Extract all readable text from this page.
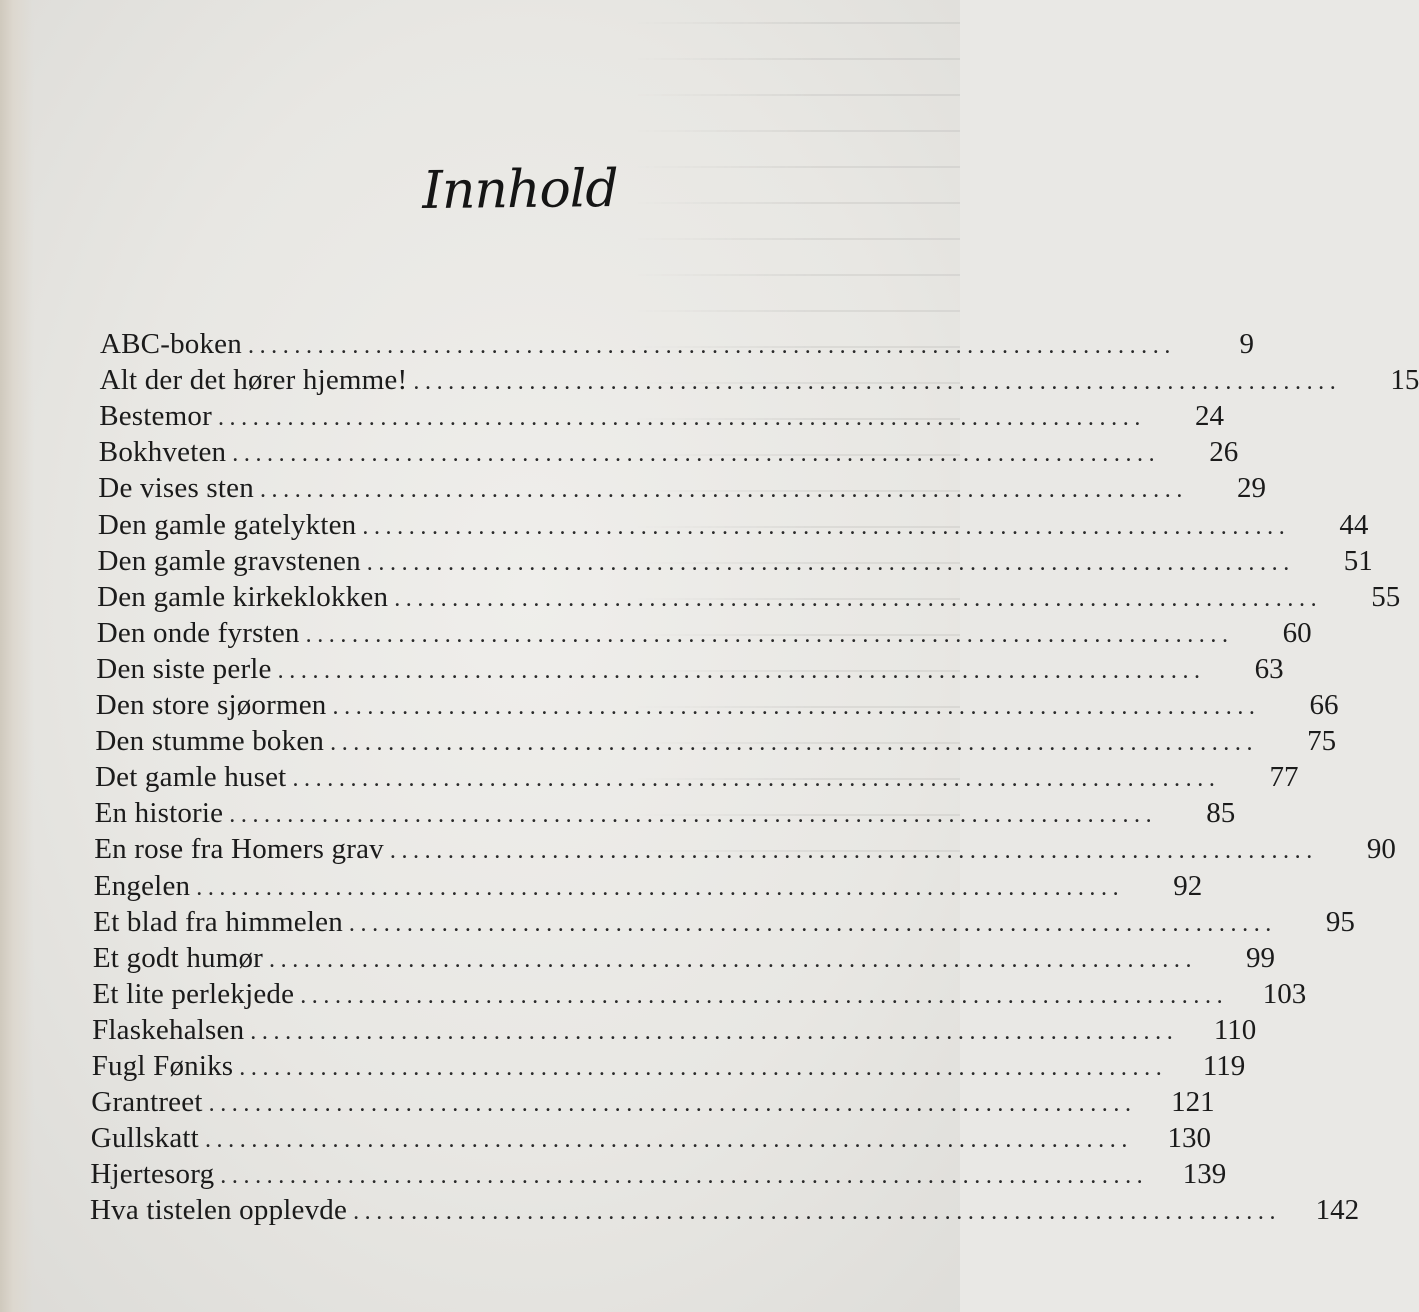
Innhold
ABC-boken ................................................................................	9
Alt der det hører hjemme! ................................................................................	15
Bestemor ................................................................................	24
Bokhveten ................................................................................	26
De vises sten ................................................................................	29
Den gamle gatelykten ................................................................................	44
Den gamle gravstenen ................................................................................	51
Den gamle kirkeklokken ................................................................................	55
Den onde fyrsten ................................................................................	60
Den siste perle ................................................................................	63
Den store sjøormen ................................................................................	66
Den stumme boken ................................................................................	75
Det gamle huset ................................................................................	77
En historie ................................................................................	85
En rose fra Homers grav ................................................................................	90
Engelen ................................................................................	92
Et blad fra himmelen ................................................................................	95
Et godt humør ................................................................................	99
Et lite perlekjede ................................................................................	103
Flaskehalsen ................................................................................	110
Fugl Føniks ................................................................................	119
Grantreet ................................................................................	121
Gullskatt ................................................................................	130
Hjertesorg ................................................................................	139
Hva tistelen opplevde ................................................................................	142
